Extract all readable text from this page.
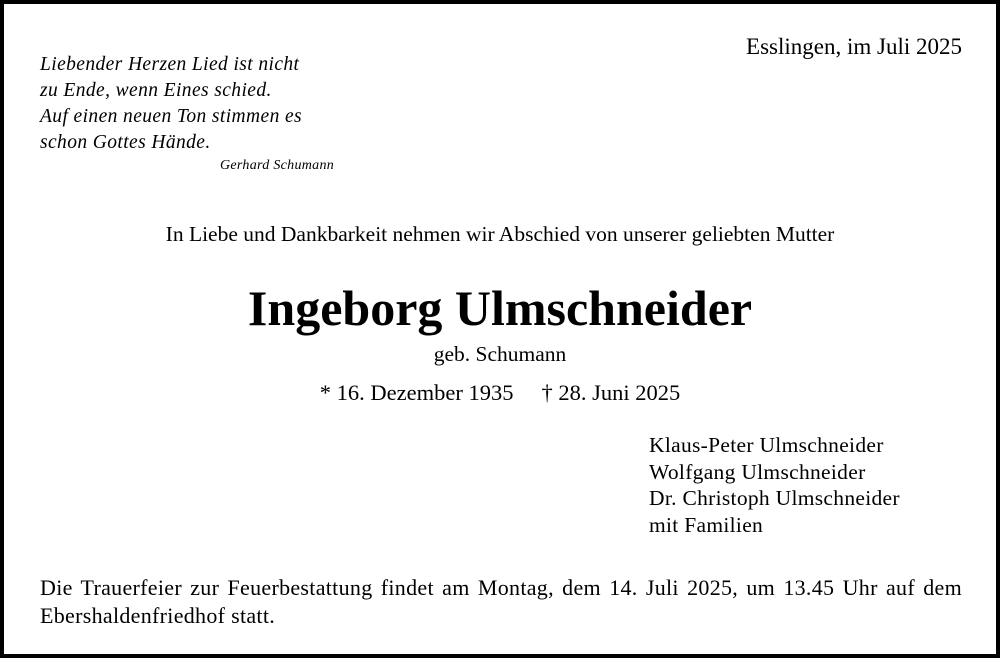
Liebender Herzen Lied ist nicht
zu Ende, wenn Eines schied.
Auf einen neuen Ton stimmen es
schon Gottes Hände.
Gerhard Schumann
Esslingen, im Juli 2025
In Liebe und Dankbarkeit nehmen wir Abschied von unserer geliebten Mutter
Ingeborg Ulmschneider
geb. Schumann
* 16. Dezember 1935 † 28. Juni 2025
Klaus-Peter Ulmschneider
Wolfgang Ulmschneider
Dr. Christoph Ulmschneider
mit Familien
Die Trauerfeier zur Feuerbestattung findet am Montag, dem 14. Juli 2025, um 13.45 Uhr auf dem Ebershaldenfriedhof statt.
